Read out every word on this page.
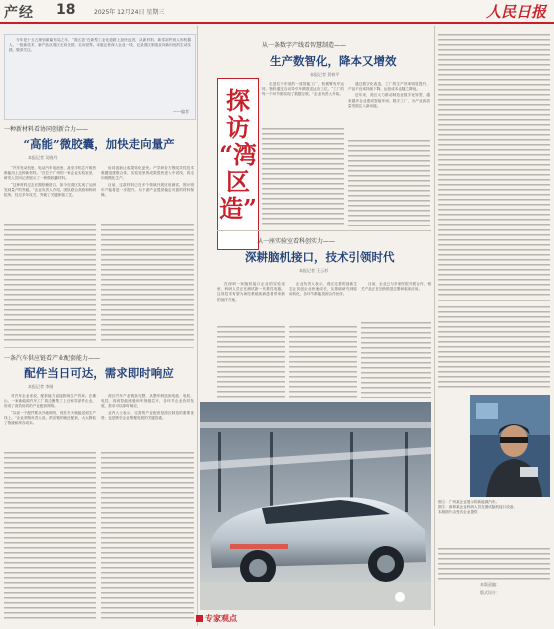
产经 18	2025年 12月24日 星期三	人民日报

今年是十五五规划谋篇布局之年，“湾区造”在新型工业化道路上加快迈进，从新材料、新零部件到人形机器人，一批新技术、新产品从湾区走向全国、走向世界。本版记者深入企业一线，记录湾区制造业向新向优的生动实践，敬请关注。

——编者
一种新材料看协同创新合力——
“高能”微胶囊，加快走向量产
本报记者 吴晓丹

“汽车发动机里，电动汽车电池里，甚至手机芯片散热都能用上这种新材料。”在位于广州的一家企业实验室里，研发人员向记者展示了一种微胶囊材料。

“这种材料过去长期依赖进口，如今在湾区实现了从研发到量产的突破。”企业负责人介绍，团队联合高校和科研院所，经过多年攻关，突破了关键制备工艺。

协同创新让成果转化更快。产学研各方围绕共性技术难题组建联合体，实验室里的成果很快进入中试线，再走向规模化生产。

目前，这款材料已在多个领域开展应用测试，预计明年产能将进一步提升，为下游产业提供稳定可靠的材料保障。

一条汽车供应链看产业配套能力——
配件当日可达，需求即时响应
本报记者 李刚

对汽车企业来说，配套能力直接影响生产效率。在佛山，一家新能源汽车工厂周边聚集了上百家零部件企业，形成了高效协同的产业配套网络。

“以前一个配件要从外地调货，现在半天就能送到生产线上。”企业采购负责人说。供应链的就近配套，大大降低了物流和库存成本。

湾区汽车产业链条完整，从整车制造到电池、电机、电控，再到智能座舱和车规级芯片，各环节企业协同发展，需求可以即时响应。

业内人士表示，完善的产业配套是湾区制造的重要优势，也是吸引企业集聚发展的关键因素。

探
访
“湾
区
造”
从一条数字产线看智慧制造——
生产数智化，降本又增效
本报记者 贺林平

走进位于东莞的一座智能工厂，机械臂有序运转，物料通过自动导引车精准送达各工位。“工厂的每一个环节都实现了数据互联。”企业负责人介绍。

通过数字化改造，工厂的生产效率明显提升，产品不良率持续下降，运营成本也随之降低。

近年来，湾区大力推动制造业数字化转型，越来越多企业建成智能车间、数字工厂，为产业高质量发展注入新动能。

从一座实验室看科创实力——
深耕脑机接口，技术引领时代
本报记者 王云杉

在深圳一家脑机接口企业的实验室里，科研人员正在测试新一代柔性电极。这项技术有望为神经系统疾病患者带来新的治疗方案。

企业负责人表示，湾区完善的创新生态让初创企业快速成长，从基础研究到临床转化，各环节都能找到合作伙伴。

目前，企业已与多家医院开展合作，相关产品正在加快推进注册和临床应用。

图①：广州某企业展示的新能源汽车。
图②：深圳某企业科研人员在测试脑机接口设备。
本版图片由受访企业提供

本版责编：
版式设计：
专家观点
